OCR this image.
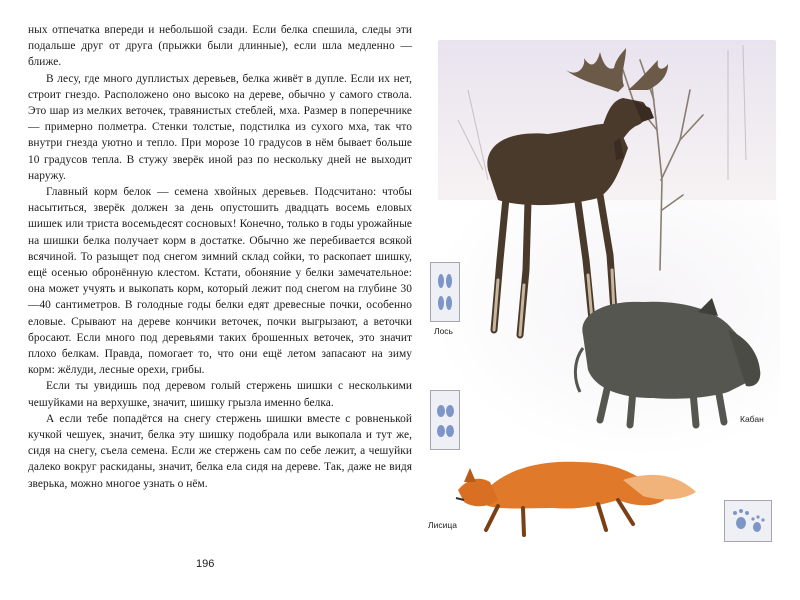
ных отпечатка впереди и небольшой сзади. Если белка спешила, следы эти подальше друг от друга (прыжки были длинные), если шла медленно — ближе.

В лесу, где много дуплистых деревьев, белка живёт в дупле. Если их нет, строит гнездо. Расположено оно высоко на дереве, обычно у самого ствола. Это шар из мелких веточек, травянистых стеблей, мха. Размер в поперечнике — примерно полметра. Стенки толстые, подстилка из сухого мха, так что внутри гнезда уютно и тепло. При морозе 10 градусов в нём бывает больше 10 градусов тепла. В стужу зверёк иной раз по нескольку дней не выходит наружу.

Главный корм белок — семена хвойных деревьев. Подсчитано: чтобы насытиться, зверёк должен за день опустошить двадцать восемь еловых шишек или триста восемьдесят сосновых! Конечно, только в годы урожайные на шишки белка получает корм в достатке. Обычно же перебивается всякой всячиной. То разыщет под снегом зимний склад сойки, то раскопает шишку, ещё осенью обронённую клестом. Кстати, обоняние у белки замечательное: она может учуять и выкопать корм, который лежит под снегом на глубине 30—40 сантиметров. В голодные годы белки едят древесные почки, особенно еловые. Срывают на дереве кончики веточек, почки выгрызают, а веточки бросают. Если много под деревьями таких брошенных веточек, это значит плохо белкам. Правда, помогает то, что они ещё летом запасают на зиму корм: жёлуди, лесные орехи, грибы.

Если ты увидишь под деревом голый стержень шишки с несколькими чешуйками на верхушке, значит, шишку грызла именно белка.

А если тебе попадётся на снегу стержень шишки вместе с ровненькой кучкой чешуек, значит, белка эту шишку подобрала или выкопала и тут же, сидя на снегу, съела семена. Если же стержень сам по себе лежит, а чешуйки далеко вокруг раскиданы, значит, белка ела сидя на дереве. Так, даже не видя зверька, можно многое узнать о нём.

196
Лось
Кабан
Лисица
